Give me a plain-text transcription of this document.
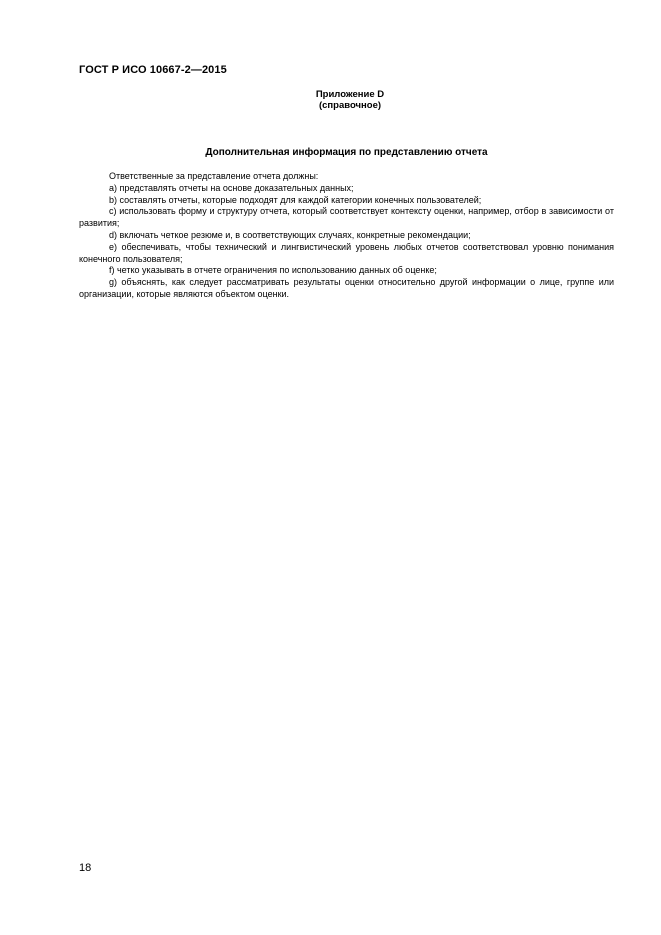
ГОСТ Р ИСО 10667-2—2015
Приложение D
(справочное)
Дополнительная информация по представлению отчета

Ответственные за представление отчета должны:

a) представлять отчеты на основе доказательных данных;

b) составлять отчеты, которые подходят для каждой категории конечных пользователей;

c) использовать форму и структуру отчета, который соответствует контексту оценки, например, отбор в зависимости от развития;

d) включать четкое резюме и, в соответствующих случаях, конкретные рекомендации;

e) обеспечивать, чтобы технический и лингвистический уровень любых отчетов соответствовал уровню понимания конечного пользователя;

f) четко указывать в отчете ограничения по использованию данных об оценке;

g) объяснять, как следует рассматривать результаты оценки относительно другой информации о лице, группе или организации, которые являются объектом оценки.

18
